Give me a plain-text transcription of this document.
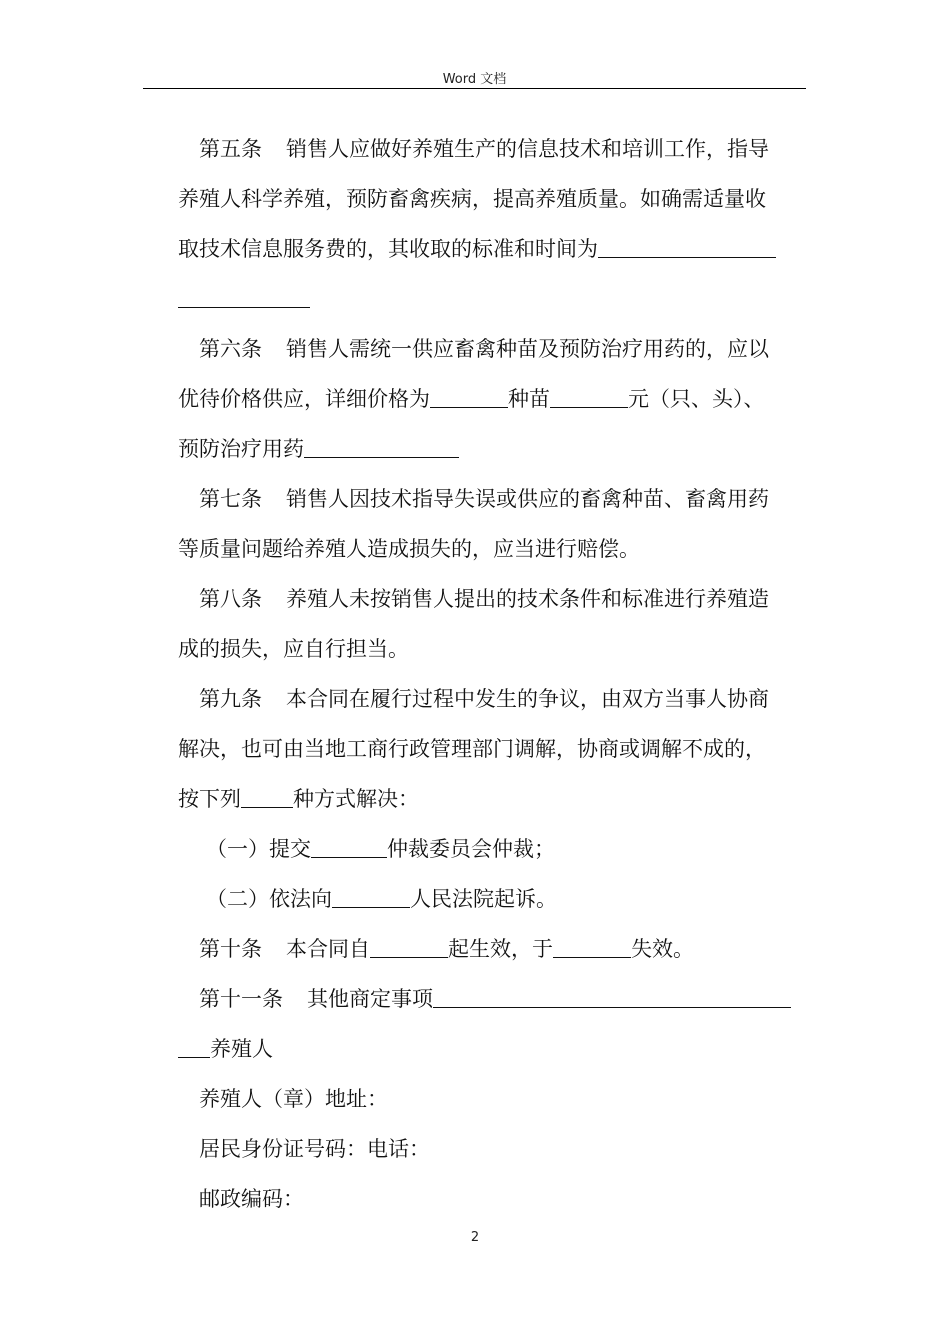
Word 文档
第五条 销售人应做好养殖生产的信息技术和培训工作，指导
养殖人科学养殖，预防畜禽疾病，提高养殖质量。如确需适量收
取技术信息服务费的，其收取的标准和时间为
第六条 销售人需统一供应畜禽种苗及预防治疗用药的，应以
优待价格供应，详细价格为	种苗	元（只、头）、
预防治疗用药
第七条 销售人因技术指导失误或供应的畜禽种苗、畜禽用药
等质量问题给养殖人造成损失的，应当进行赔偿。
第八条 养殖人未按销售人提出的技术条件和标准进行养殖造
成的损失，应自行担当。
第九条 本合同在履行过程中发生的争议，由双方当事人协商
解决，也可由当地工商行政管理部门调解，协商或调解不成的，
按下列 种方式解决：
（一）提交	仲裁委员会仲裁；
（二）依法向	人民法院起诉。
第十条 本合同自	起生效，于	失效。
第十一条 其他商定事项
养殖人
养殖人（章）地址：
居民身份证号码：电话：
邮政编码：
2
